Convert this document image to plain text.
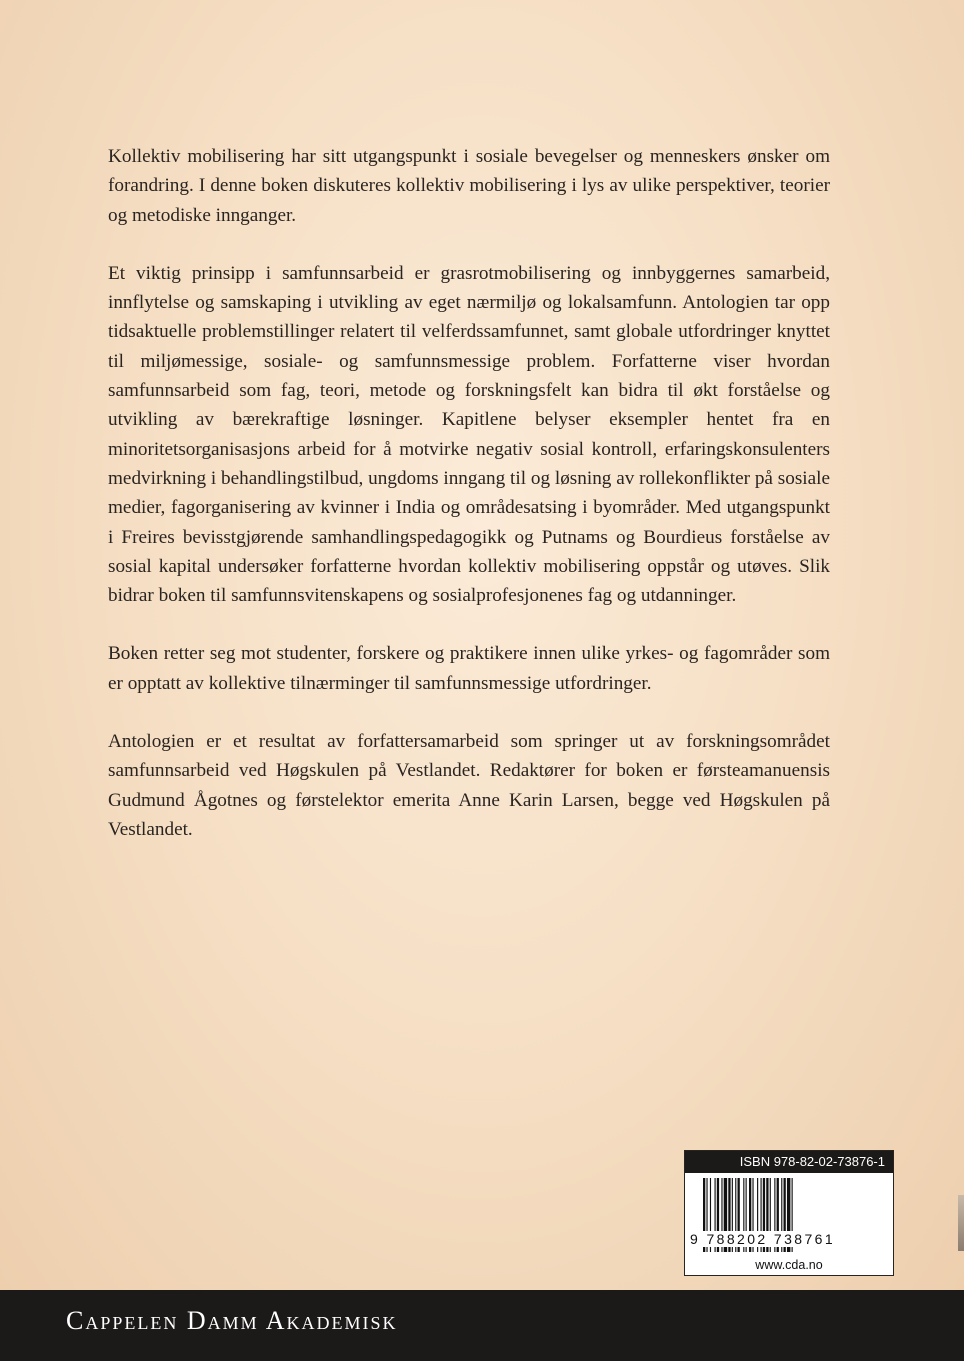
Kollektiv mobilisering har sitt utgangspunkt i sosiale bevegelser og menneskers ønsker om forandring. I denne boken diskuteres kollektiv mobilisering i lys av ulike perspektiver, teorier og metodiske innganger.

Et viktig prinsipp i samfunnsarbeid er grasrotmobilisering og innbyggernes samarbeid, innflytelse og samskaping i utvikling av eget nærmiljø og lokalsamfunn. Antologien tar opp tidsaktuelle problemstillinger relatert til velferdssamfunnet, samt globale utfordringer knyttet til miljømessige, sosiale- og samfunnsmessige problem. Forfatterne viser hvordan samfunnsarbeid som fag, teori, metode og forskningsfelt kan bidra til økt forståelse og utvikling av bærekraftige løsninger. Kapitlene belyser eksempler hentet fra en minoritetsorganisasjons arbeid for å motvirke negativ sosial kontroll, erfaringskonsulenters medvirkning i behandlingstilbud, ungdoms inngang til og løsning av rollekonflikter på sosiale medier, fagorganisering av kvinner i India og områdesatsing i byområder. Med utgangspunkt i Freires bevisstgjørende samhandlingspedagogikk og Putnams og Bourdieus forståelse av sosial kapital undersøker forfatterne hvordan kollektiv mobilisering oppstår og utøves. Slik bidrar boken til samfunnsvitenskapens og sosialprofesjonenes fag og utdanninger.

Boken retter seg mot studenter, forskere og praktikere innen ulike yrkes- og fagområder som er opptatt av kollektive tilnærminger til samfunnsmessige utfordringer.

Antologien er et resultat av forfattersamarbeid som springer ut av forskningsområdet samfunnsarbeid ved Høgskulen på Vestlandet. Redaktører for boken er førsteamanuensis Gudmund Ågotnes og førstelektor emerita Anne Karin Larsen, begge ved Høgskulen på Vestlandet.

ISBN 978-82-02-73876-1
9 788202 738761
www.cda.no
Cappelen Damm Akademisk
